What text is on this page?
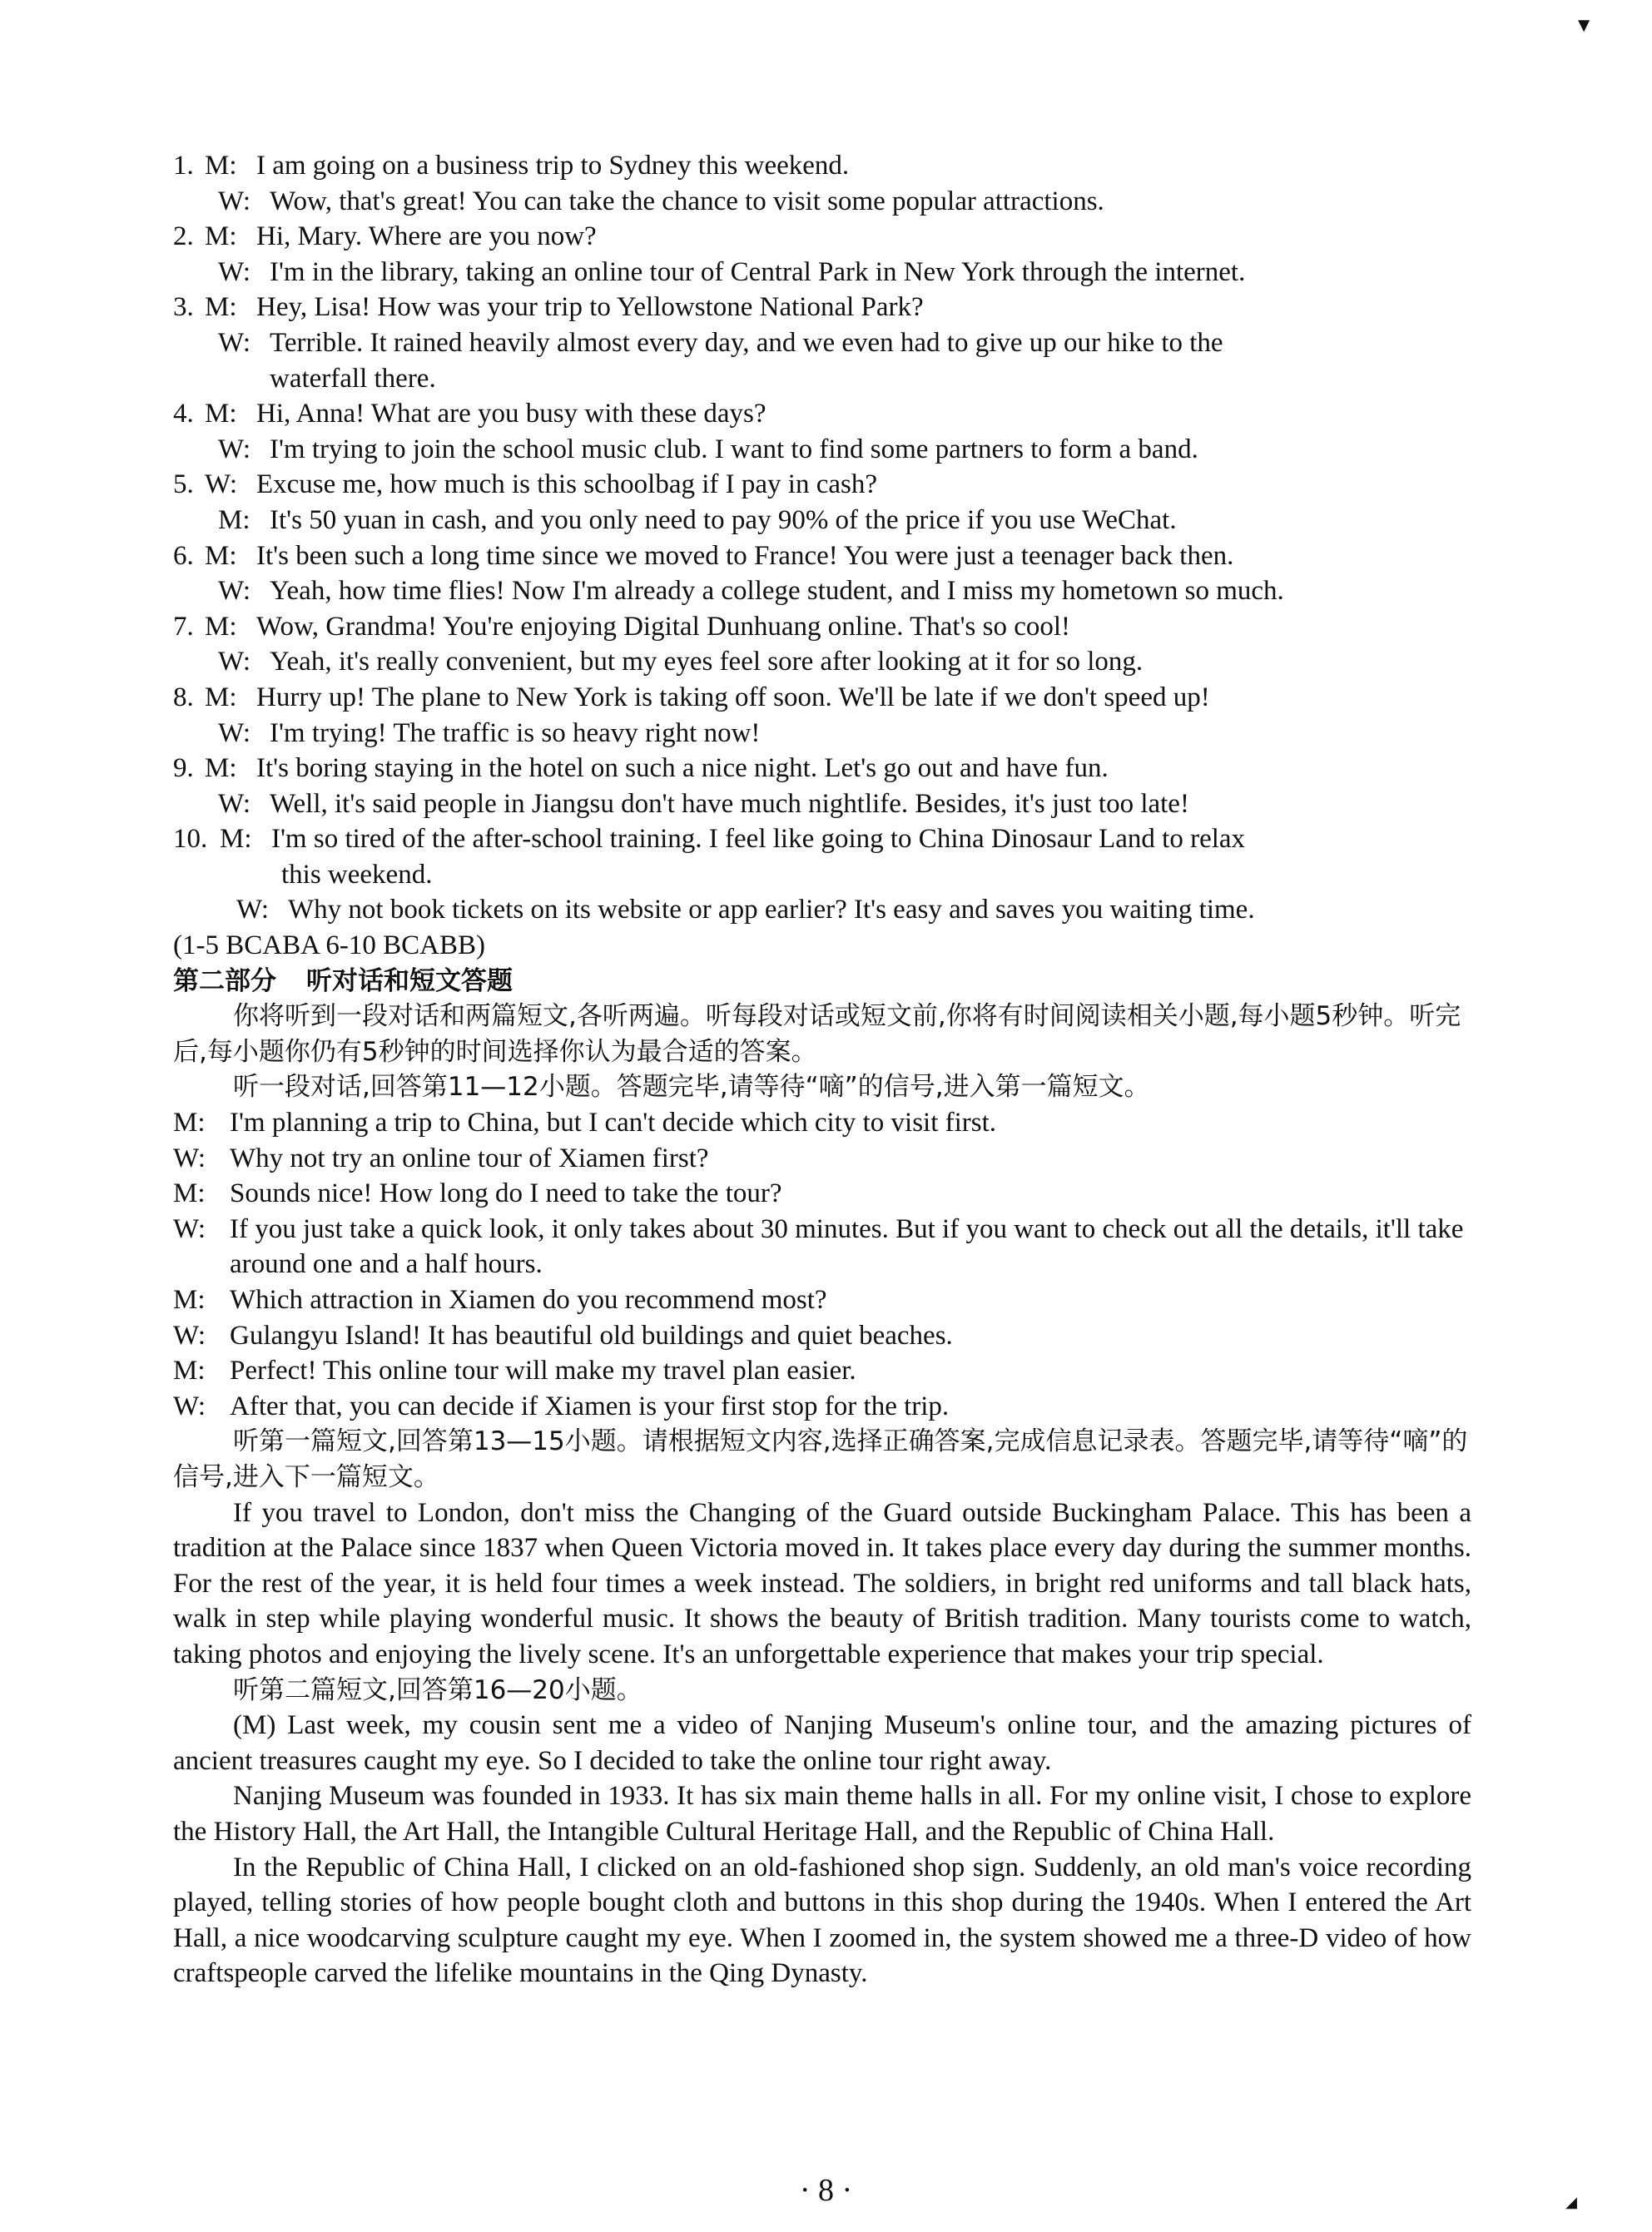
▼
1. M: I am going on a business trip to Sydney this weekend.
W: Wow, that's great! You can take the chance to visit some popular attractions.
2. M: Hi, Mary. Where are you now?
W: I'm in the library, taking an online tour of Central Park in New York through the internet.
3. M: Hey, Lisa! How was your trip to Yellowstone National Park?
W: Terrible. It rained heavily almost every day, and we even had to give up our hike to the
waterfall there.
4. M: Hi, Anna! What are you busy with these days?
W: I'm trying to join the school music club. I want to find some partners to form a band.
5. W: Excuse me, how much is this schoolbag if I pay in cash?
M: It's 50 yuan in cash, and you only need to pay 90% of the price if you use WeChat.
6. M: It's been such a long time since we moved to France! You were just a teenager back then.
W: Yeah, how time flies! Now I'm already a college student, and I miss my hometown so much.
7. M: Wow, Grandma! You're enjoying Digital Dunhuang online. That's so cool!
W: Yeah, it's really convenient, but my eyes feel sore after looking at it for so long.
8. M: Hurry up! The plane to New York is taking off soon. We'll be late if we don't speed up!
W: I'm trying! The traffic is so heavy right now!
9. M: It's boring staying in the hotel on such a nice night. Let's go out and have fun.
W: Well, it's said people in Jiangsu don't have much nightlife. Besides, it's just too late!
10. M: I'm so tired of the after-school training. I feel like going to China Dinosaur Land to relax
this weekend.
W: Why not book tickets on its website or app earlier? It's easy and saves you waiting time.
(1-5 BCABA 6-10 BCABB)
第二部分 听对话和短文答题
你将听到一段对话和两篇短文,各听两遍。听每段对话或短文前,你将有时间阅读相关小题,每小题5秒钟。听完后,每小题你仍有5秒钟的时间选择你认为最合适的答案。
听一段对话,回答第11—12小题。答题完毕,请等待“嘀”的信号,进入第一篇短文。
M: I'm planning a trip to China, but I can't decide which city to visit first.
W: Why not try an online tour of Xiamen first?
M: Sounds nice! How long do I need to take the tour?
W: If you just take a quick look, it only takes about 30 minutes. But if you want to check out all the details, it'll take around one and a half hours.
M: Which attraction in Xiamen do you recommend most?
W: Gulangyu Island! It has beautiful old buildings and quiet beaches.
M: Perfect! This online tour will make my travel plan easier.
W: After that, you can decide if Xiamen is your first stop for the trip.
听第一篇短文,回答第13—15小题。请根据短文内容,选择正确答案,完成信息记录表。答题完毕,请等待“嘀”的信号,进入下一篇短文。
If you travel to London, don't miss the Changing of the Guard outside Buckingham Palace. This has been a tradition at the Palace since 1837 when Queen Victoria moved in. It takes place every day during the summer months. For the rest of the year, it is held four times a week instead. The soldiers, in bright red uniforms and tall black hats, walk in step while playing wonderful music. It shows the beauty of British tradition. Many tourists come to watch, taking photos and enjoying the lively scene. It's an unforgettable experience that makes your trip special.
听第二篇短文,回答第16—20小题。
(M) Last week, my cousin sent me a video of Nanjing Museum's online tour, and the amazing pictures of ancient treasures caught my eye. So I decided to take the online tour right away.
Nanjing Museum was founded in 1933. It has six main theme halls in all. For my online visit, I chose to explore the History Hall, the Art Hall, the Intangible Cultural Heritage Hall, and the Republic of China Hall.
In the Republic of China Hall, I clicked on an old-fashioned shop sign. Suddenly, an old man's voice recording played, telling stories of how people bought cloth and buttons in this shop during the 1940s. When I entered the Art Hall, a nice woodcarving sculpture caught my eye. When I zoomed in, the system showed me a three-D video of how craftspeople carved the lifelike mountains in the Qing Dynasty.
· 8 ·	◢
